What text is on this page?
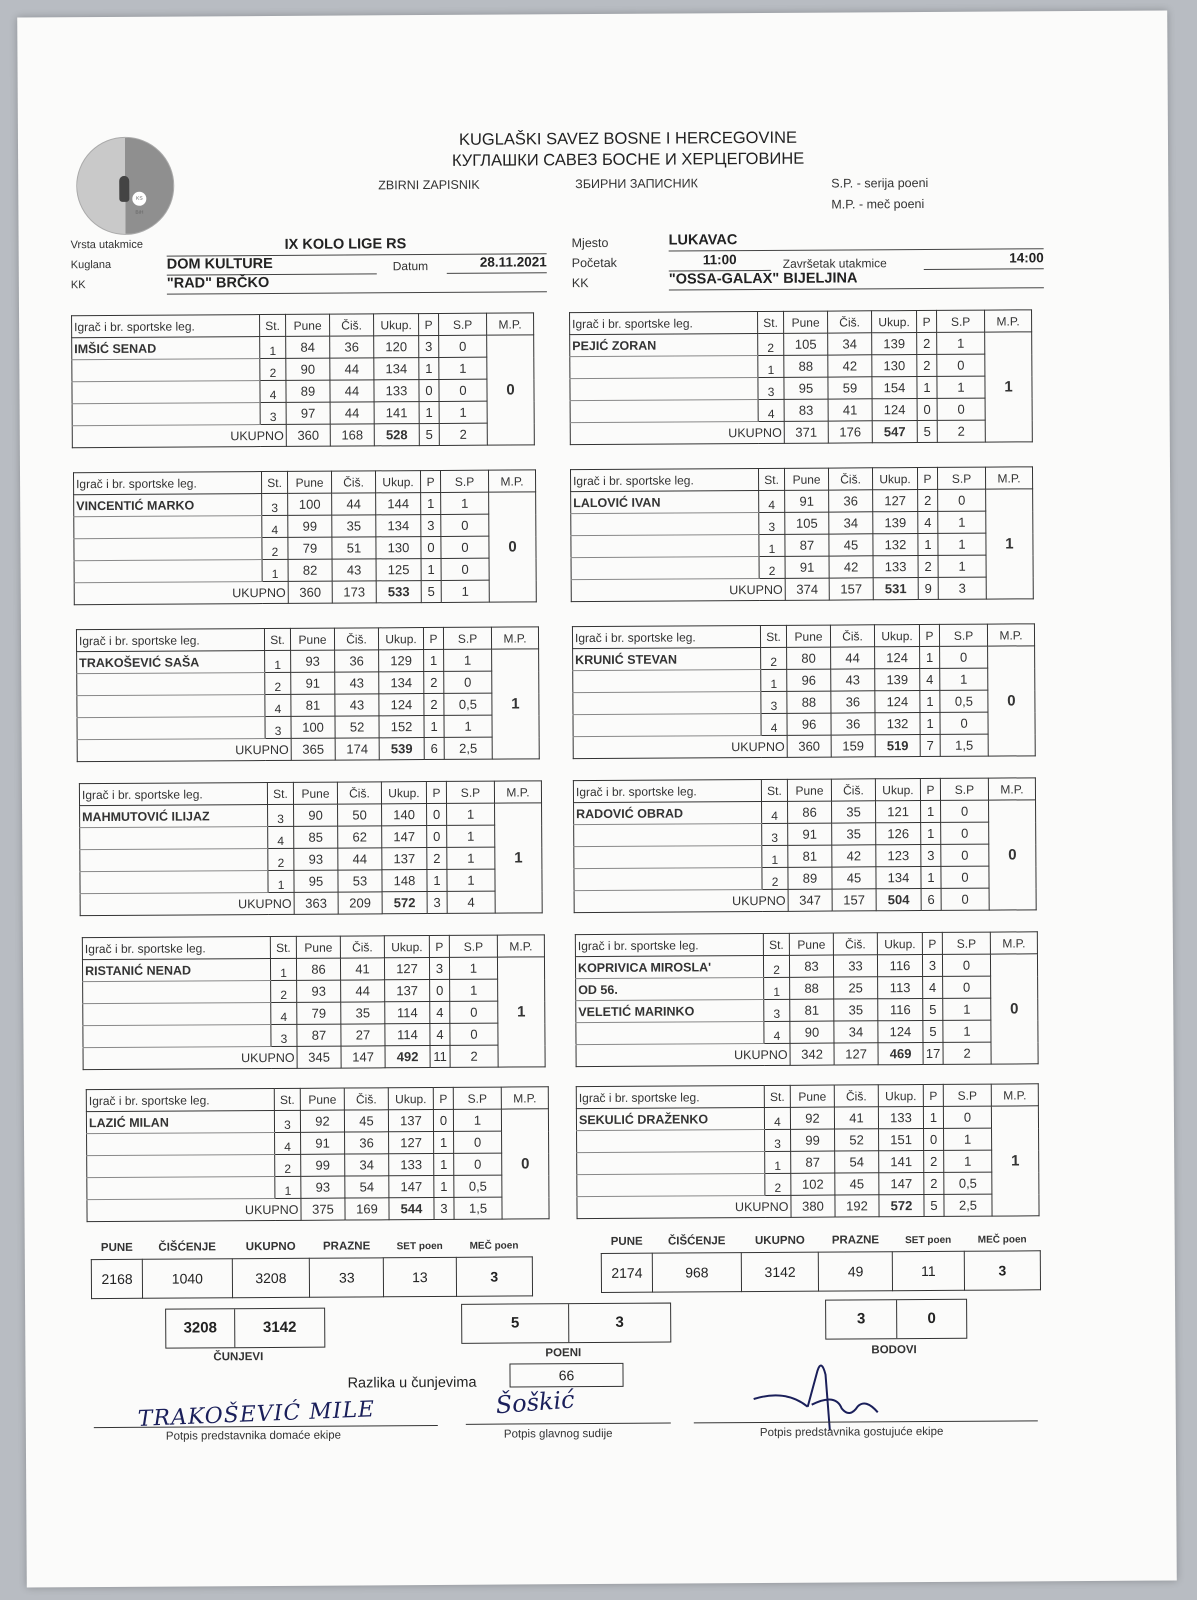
KS BiH
KUGLAŠKI SAVEZ BOSNE I HERCEGOVINE
КУГЛАШКИ САВЕЗ БОСНЕ И ХЕРЦЕГОВИНЕ
ZBIRNI ZAPISNIK	ЗБИРНИ ЗАПИСНИК	S.P. - serija poeni
M.P. - meč poeni
Vrsta utakmice	IX KOLO LIGE RS
Kuglana	DOM KULTURE	Datum	28.11.2021
KK	"RAD" BRČKO
Mjesto	LUKAVAC
Početak	11:00	Završetak utakmice	14:00
KK	"OSSA-GALAX" BIJELJINA
Igrač i br. sportske leg.	St.	Pune	Čiš.	Ukup.	P	S.P	M.P.
IMŠIĆ SENAD	1	84	36	120	3	0	0
	2	90	44	134	1	1	
	4	89	44	133	0	0	
	3	97	44	141	1	1	
UKUPNO		360	168	528	5	2	
Igrač i br. sportske leg.	St.	Pune	Čiš.	Ukup.	P	S.P	M.P.
PEJIĆ ZORAN	2	105	34	139	2	1	1
	1	88	42	130	2	0	
	3	95	59	154	1	1	
	4	83	41	124	0	0	
UKUPNO		371	176	547	5	2	
Igrač i br. sportske leg.	St.	Pune	Čiš.	Ukup.	P	S.P	M.P.
VINCENTIĆ MARKO	3	100	44	144	1	1	0
	4	99	35	134	3	0	
	2	79	51	130	0	0	
	1	82	43	125	1	0	
UKUPNO		360	173	533	5	1	
Igrač i br. sportske leg.	St.	Pune	Čiš.	Ukup.	P	S.P	M.P.
LALOVIĆ IVAN	4	91	36	127	2	0	1
	3	105	34	139	4	1	
	1	87	45	132	1	1	
	2	91	42	133	2	1	
UKUPNO		374	157	531	9	3	
Igrač i br. sportske leg.	St.	Pune	Čiš.	Ukup.	P	S.P	M.P.
TRAKOŠEVIĆ SAŠA	1	93	36	129	1	1	1
	2	91	43	134	2	0	
	4	81	43	124	2	0,5	
	3	100	52	152	1	1	
UKUPNO		365	174	539	6	2,5	
Igrač i br. sportske leg.	St.	Pune	Čiš.	Ukup.	P	S.P	M.P.
KRUNIĆ STEVAN	2	80	44	124	1	0	0
	1	96	43	139	4	1	
	3	88	36	124	1	0,5	
	4	96	36	132	1	0	
UKUPNO		360	159	519	7	1,5	
Igrač i br. sportske leg.	St.	Pune	Čiš.	Ukup.	P	S.P	M.P.
MAHMUTOVIĆ ILIJAZ	3	90	50	140	0	1	1
	4	85	62	147	0	1	
	2	93	44	137	2	1	
	1	95	53	148	1	1	
UKUPNO		363	209	572	3	4	
Igrač i br. sportske leg.	St.	Pune	Čiš.	Ukup.	P	S.P	M.P.
RADOVIĆ OBRAD	4	86	35	121	1	0	0
	3	91	35	126	1	0	
	1	81	42	123	3	0	
	2	89	45	134	1	0	
UKUPNO		347	157	504	6	0	
Igrač i br. sportske leg.	St.	Pune	Čiš.	Ukup.	P	S.P	M.P.
RISTANIĆ NENAD	1	86	41	127	3	1	1
	2	93	44	137	0	1	
	4	79	35	114	4	0	
	3	87	27	114	4	0	
UKUPNO		345	147	492	11	2	
Igrač i br. sportske leg.	St.	Pune	Čiš.	Ukup.	P	S.P	M.P.
KOPRIVICA MIROSLA'	2	83	33	116	3	0	0
OD 56.	1	88	25	113	4	0	
VELETIĆ MARINKO	3	81	35	116	5	1	
	4	90	34	124	5	1	
UKUPNO		342	127	469	17	2	
Igrač i br. sportske leg.	St.	Pune	Čiš.	Ukup.	P	S.P	M.P.
LAZIĆ MILAN	3	92	45	137	0	1	0
	4	91	36	127	1	0	
	2	99	34	133	1	0	
	1	93	54	147	1	0,5	
UKUPNO		375	169	544	3	1,5	
Igrač i br. sportske leg.	St.	Pune	Čiš.	Ukup.	P	S.P	M.P.
SEKULIĆ DRAŽENKO	4	92	41	133	1	0	1
	3	99	52	151	0	1	
	1	87	54	141	2	1	
	2	102	45	147	2	0,5	
UKUPNO		380	192	572	5	2,5	
PUNE	ČIŠĆENJE	UKUPNO	PRAZNE	SET poen	MEČ poen
2168	1040	3208	33	13	3
PUNE	ČIŠĆENJE	UKUPNO	PRAZNE	SET poen	MEČ poen
2174	968	3142	49	11	3
3208	3142
ČUNJEVI
5	3
POENI
3	0
BODOVI
Razlika u čunjevima	66
TRAKOŠEVIĆ MILE
Potpis predstavnika domaće ekipe
Šoškić
Potpis glavnog sudije	Potpis predstavnika gostujuće ekipe
